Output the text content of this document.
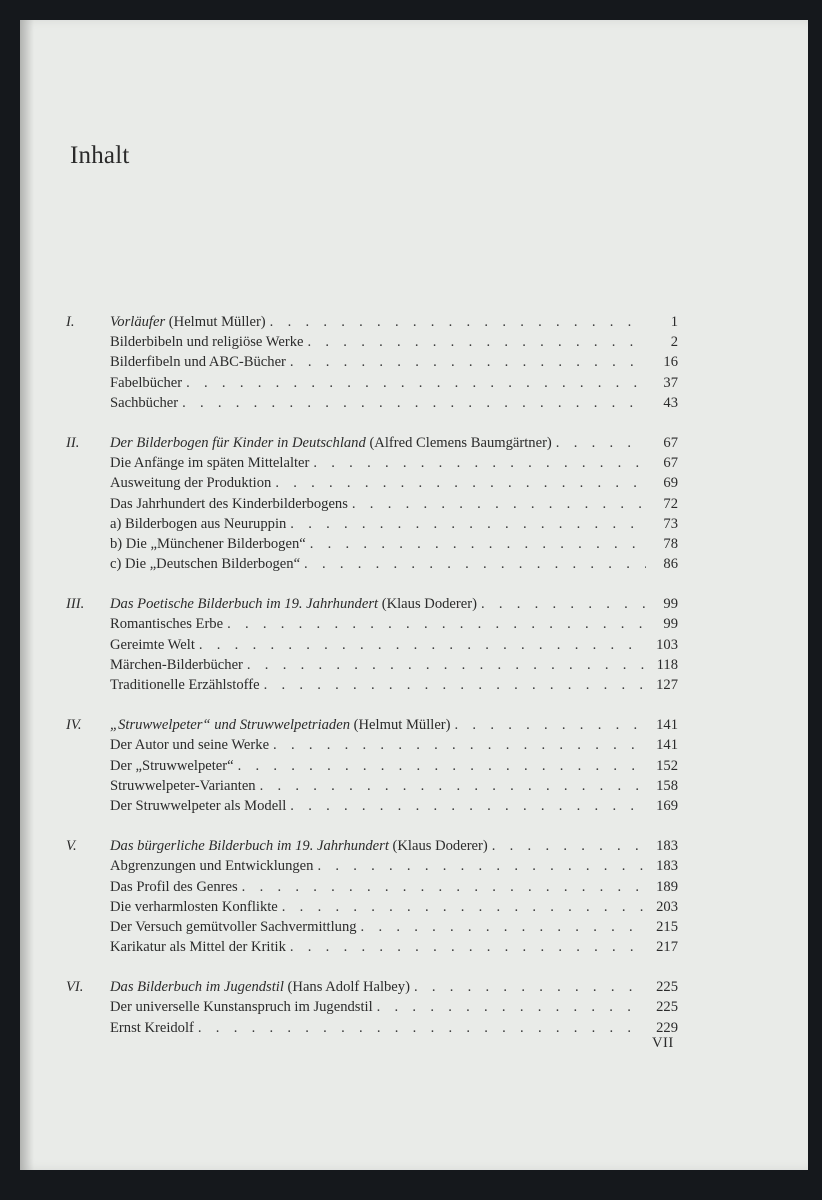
Inhalt
I.	Vorläufer (Helmut Müller) . . .	1
Bilderbibeln und religiöse Werke . . .	2
Bilderfibeln und ABC-Bücher . . .	16
Fabelbücher . . .	37
Sachbücher . . .	43
II.	Der Bilderbogen für Kinder in Deutschland (Alfred Clemens Baumgärtner) . . .	67
Die Anfänge im späten Mittelalter . . .	67
Ausweitung der Produktion . . .	69
Das Jahrhundert des Kinderbilderbogens . . .	72
a) Bilderbogen aus Neuruppin . . .	73
b) Die „Münchener Bilderbogen“ . . .	78
c) Die „Deutschen Bilderbogen“ . . .	86
III.	Das Poetische Bilderbuch im 19. Jahrhundert (Klaus Doderer) . . .	99
Romantisches Erbe . . .	99
Gereimte Welt . . .	103
Märchen-Bilderbücher . . .	118
Traditionelle Erzählstoffe . . .	127
IV.	„Struwwelpeter“ und Struwwelpetriaden (Helmut Müller) . . .	141
Der Autor und seine Werke . . .	141
Der „Struwwelpeter“ . . .	152
Struwwelpeter-Varianten . . .	158
Der Struwwelpeter als Modell . . .	169
V.	Das bürgerliche Bilderbuch im 19. Jahrhundert (Klaus Doderer) . . .	183
Abgrenzungen und Entwicklungen . . .	183
Das Profil des Genres . . .	189
Die verharmlosten Konflikte . . .	203
Der Versuch gemütvoller Sachvermittlung . . .	215
Karikatur als Mittel der Kritik . . .	217
VI.	Das Bilderbuch im Jugendstil (Hans Adolf Halbey) . . .	225
Der universelle Kunstanspruch im Jugendstil . . .	225
Ernst Kreidolf . . .	229
VII
